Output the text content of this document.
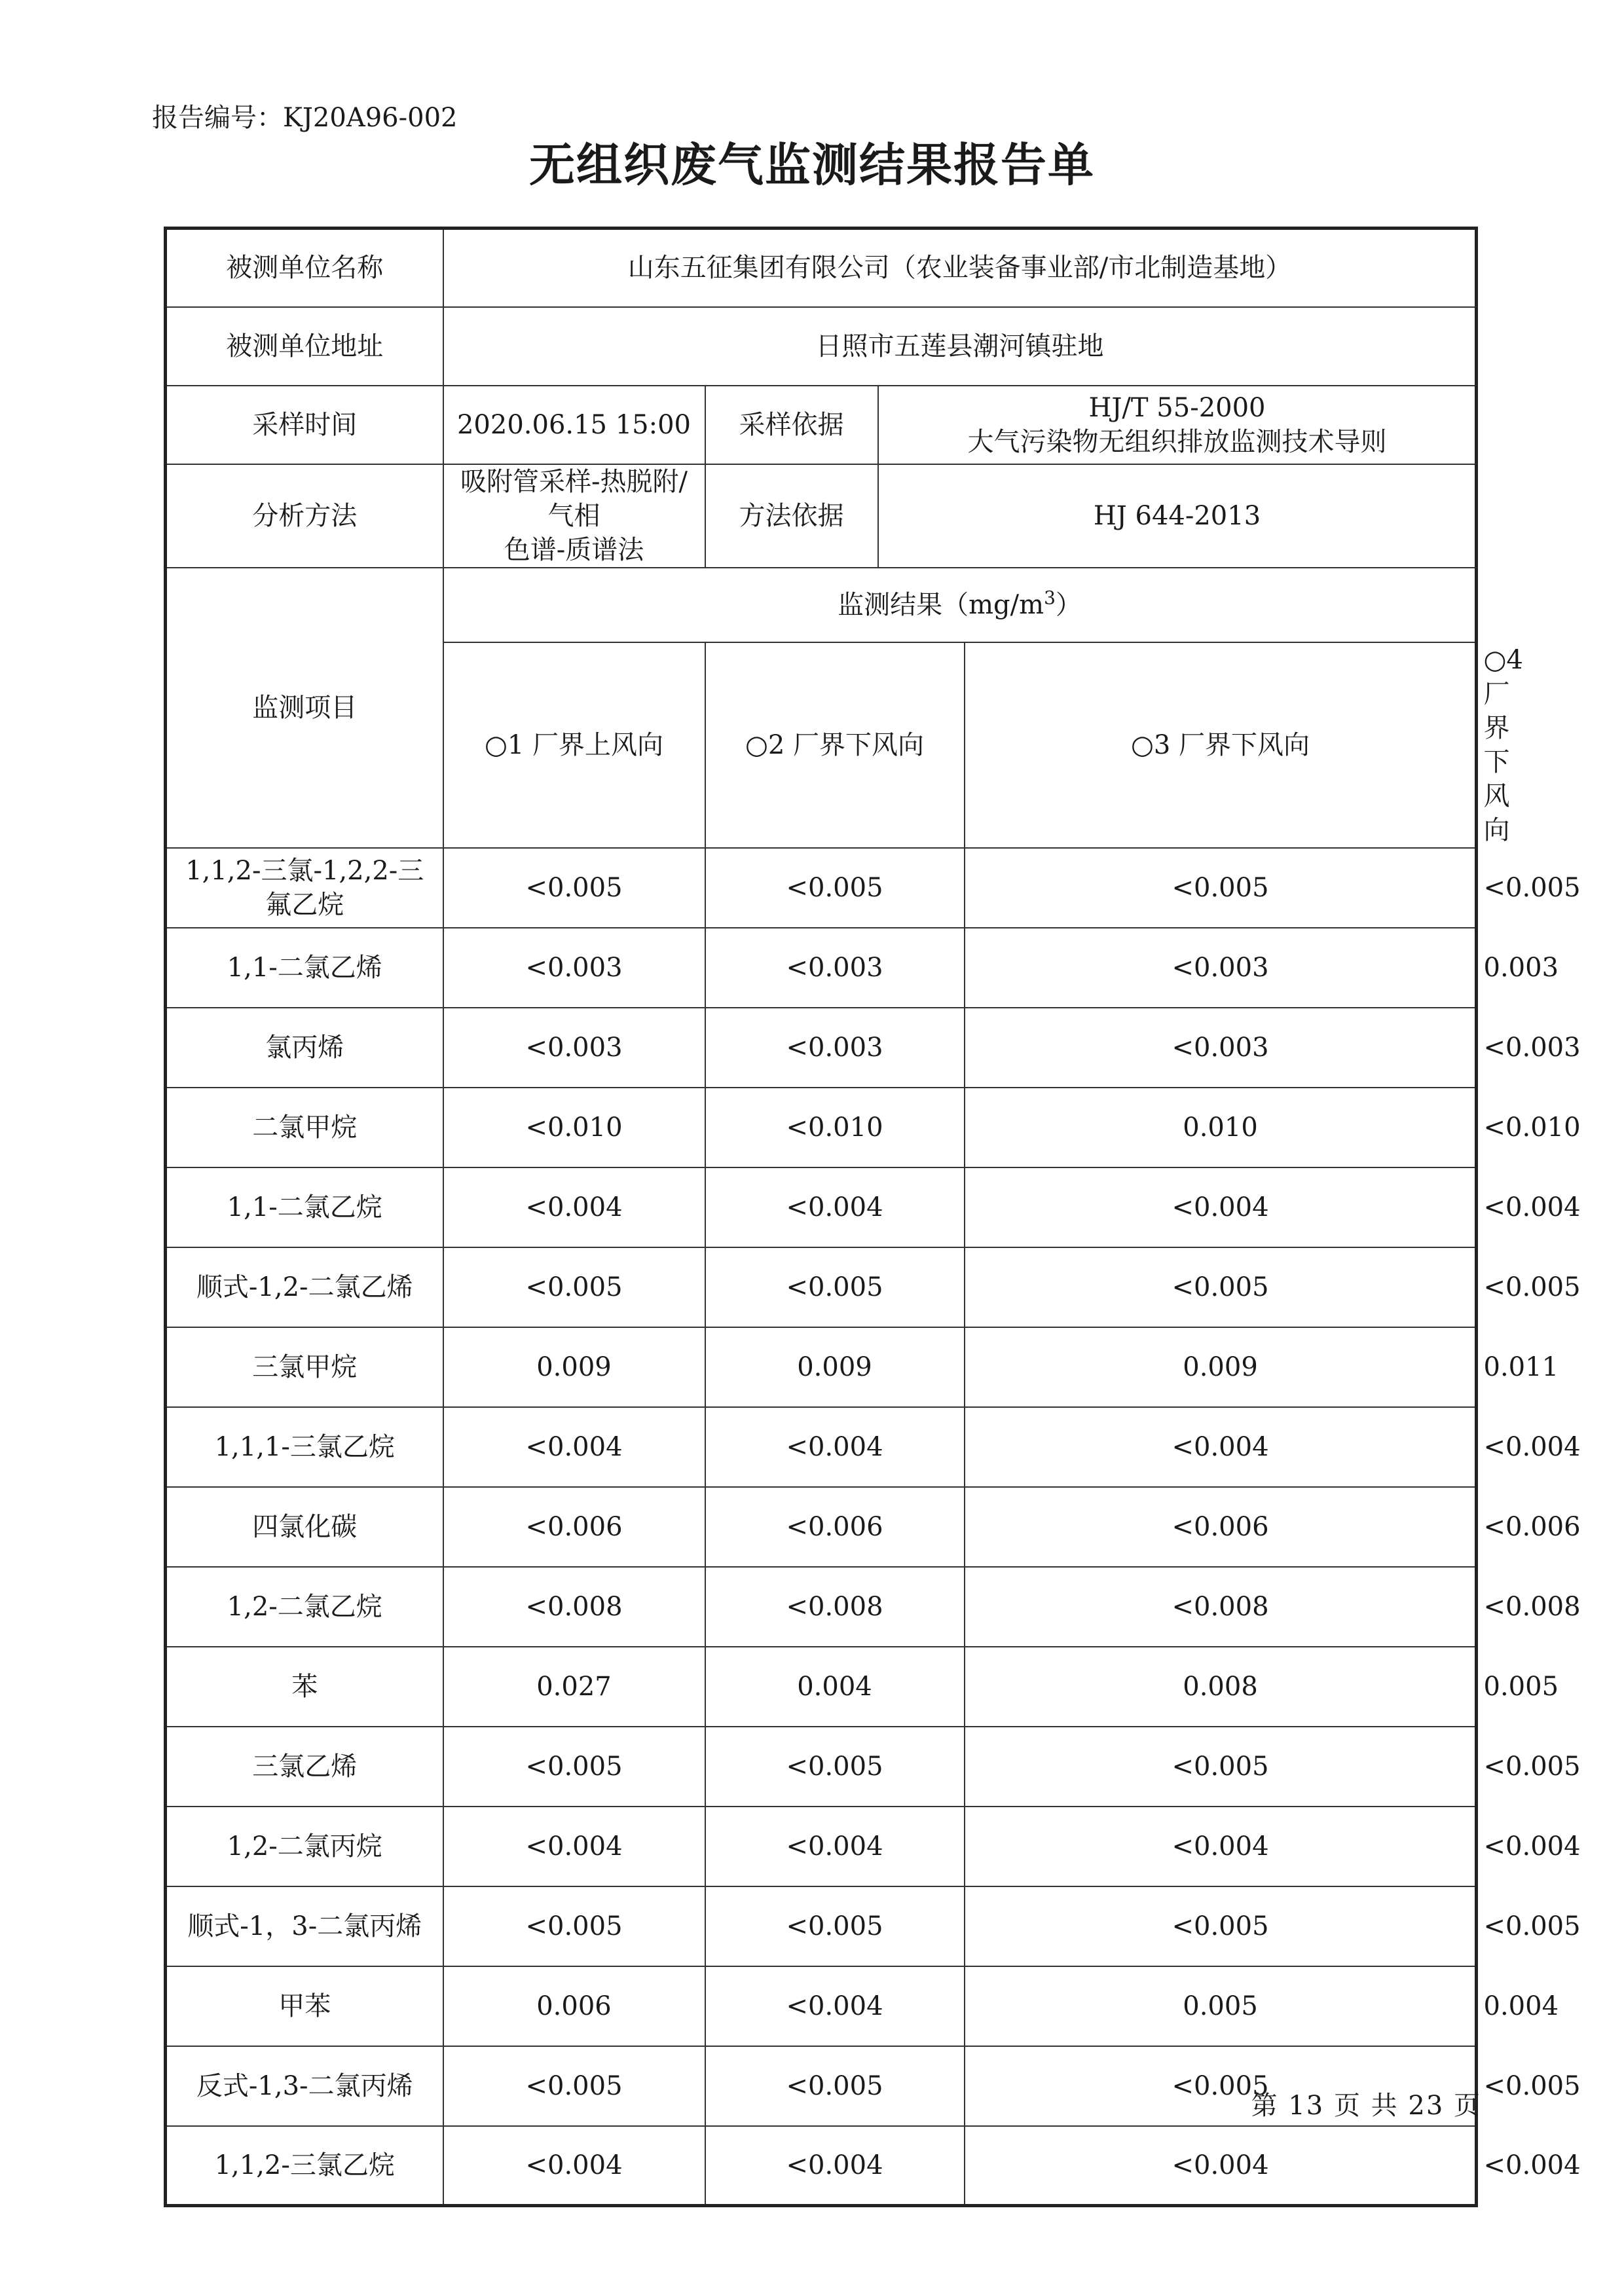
报告编号：KJ20A96-002
无组织废气监测结果报告单
被测单位名称	山东五征集团有限公司（农业装备事业部/市北制造基地）				
被测单位地址	日照市五莲县潮河镇驻地				
采样时间	2020.06.15 15:00	采样依据	HJ/T 55-2000
大气污染物无组织排放监测技术导则		

分析方法	吸附管采样-热脱附/气相
色谱-质谱法	方法依据	HJ 644-2013		
监测项目	监测结果$(mg/m^3)$				
	○1 厂界上风向	○2 厂界下风向		○3 厂界下风向	○4 厂界下风向
1,1,2-三氯-1,2,2-三氟乙烷	<0.005	<0.005		<0.005	<0.005
1,1-二氯乙烯	<0.003	<0.003		<0.003	0.003
氯丙烯	<0.003	<0.003		<0.003	<0.003
二氯甲烷	<0.010	<0.010		0.010	<0.010
1,1-二氯乙烷	<0.004	<0.004		<0.004	<0.004
顺式-1,2-二氯乙烯	<0.005	<0.005		<0.005	<0.005
三氯甲烷	0.009	0.009		0.009	0.011
1,1,1-三氯乙烷	<0.004	<0.004		<0.004	<0.004
四氯化碳	<0.006	<0.006		<0.006	<0.006
1,2-二氯乙烷	<0.008	<0.008		<0.008	<0.008
苯	0.027	0.004		0.008	0.005
三氯乙烯	<0.005	<0.005		<0.005	<0.005
1,2-二氯丙烷	<0.004	<0.004		<0.004	<0.004
顺式-1，3-二氯丙烯	<0.005	<0.005		<0.005	<0.005
甲苯	0.006	<0.004		0.005	0.004
反式-1,3-二氯丙烯	<0.005	<0.005		<0.005	<0.005
1,1,2-三氯乙烷	<0.004	<0.004		<0.004	<0.004
第 13 页 共 23 页
